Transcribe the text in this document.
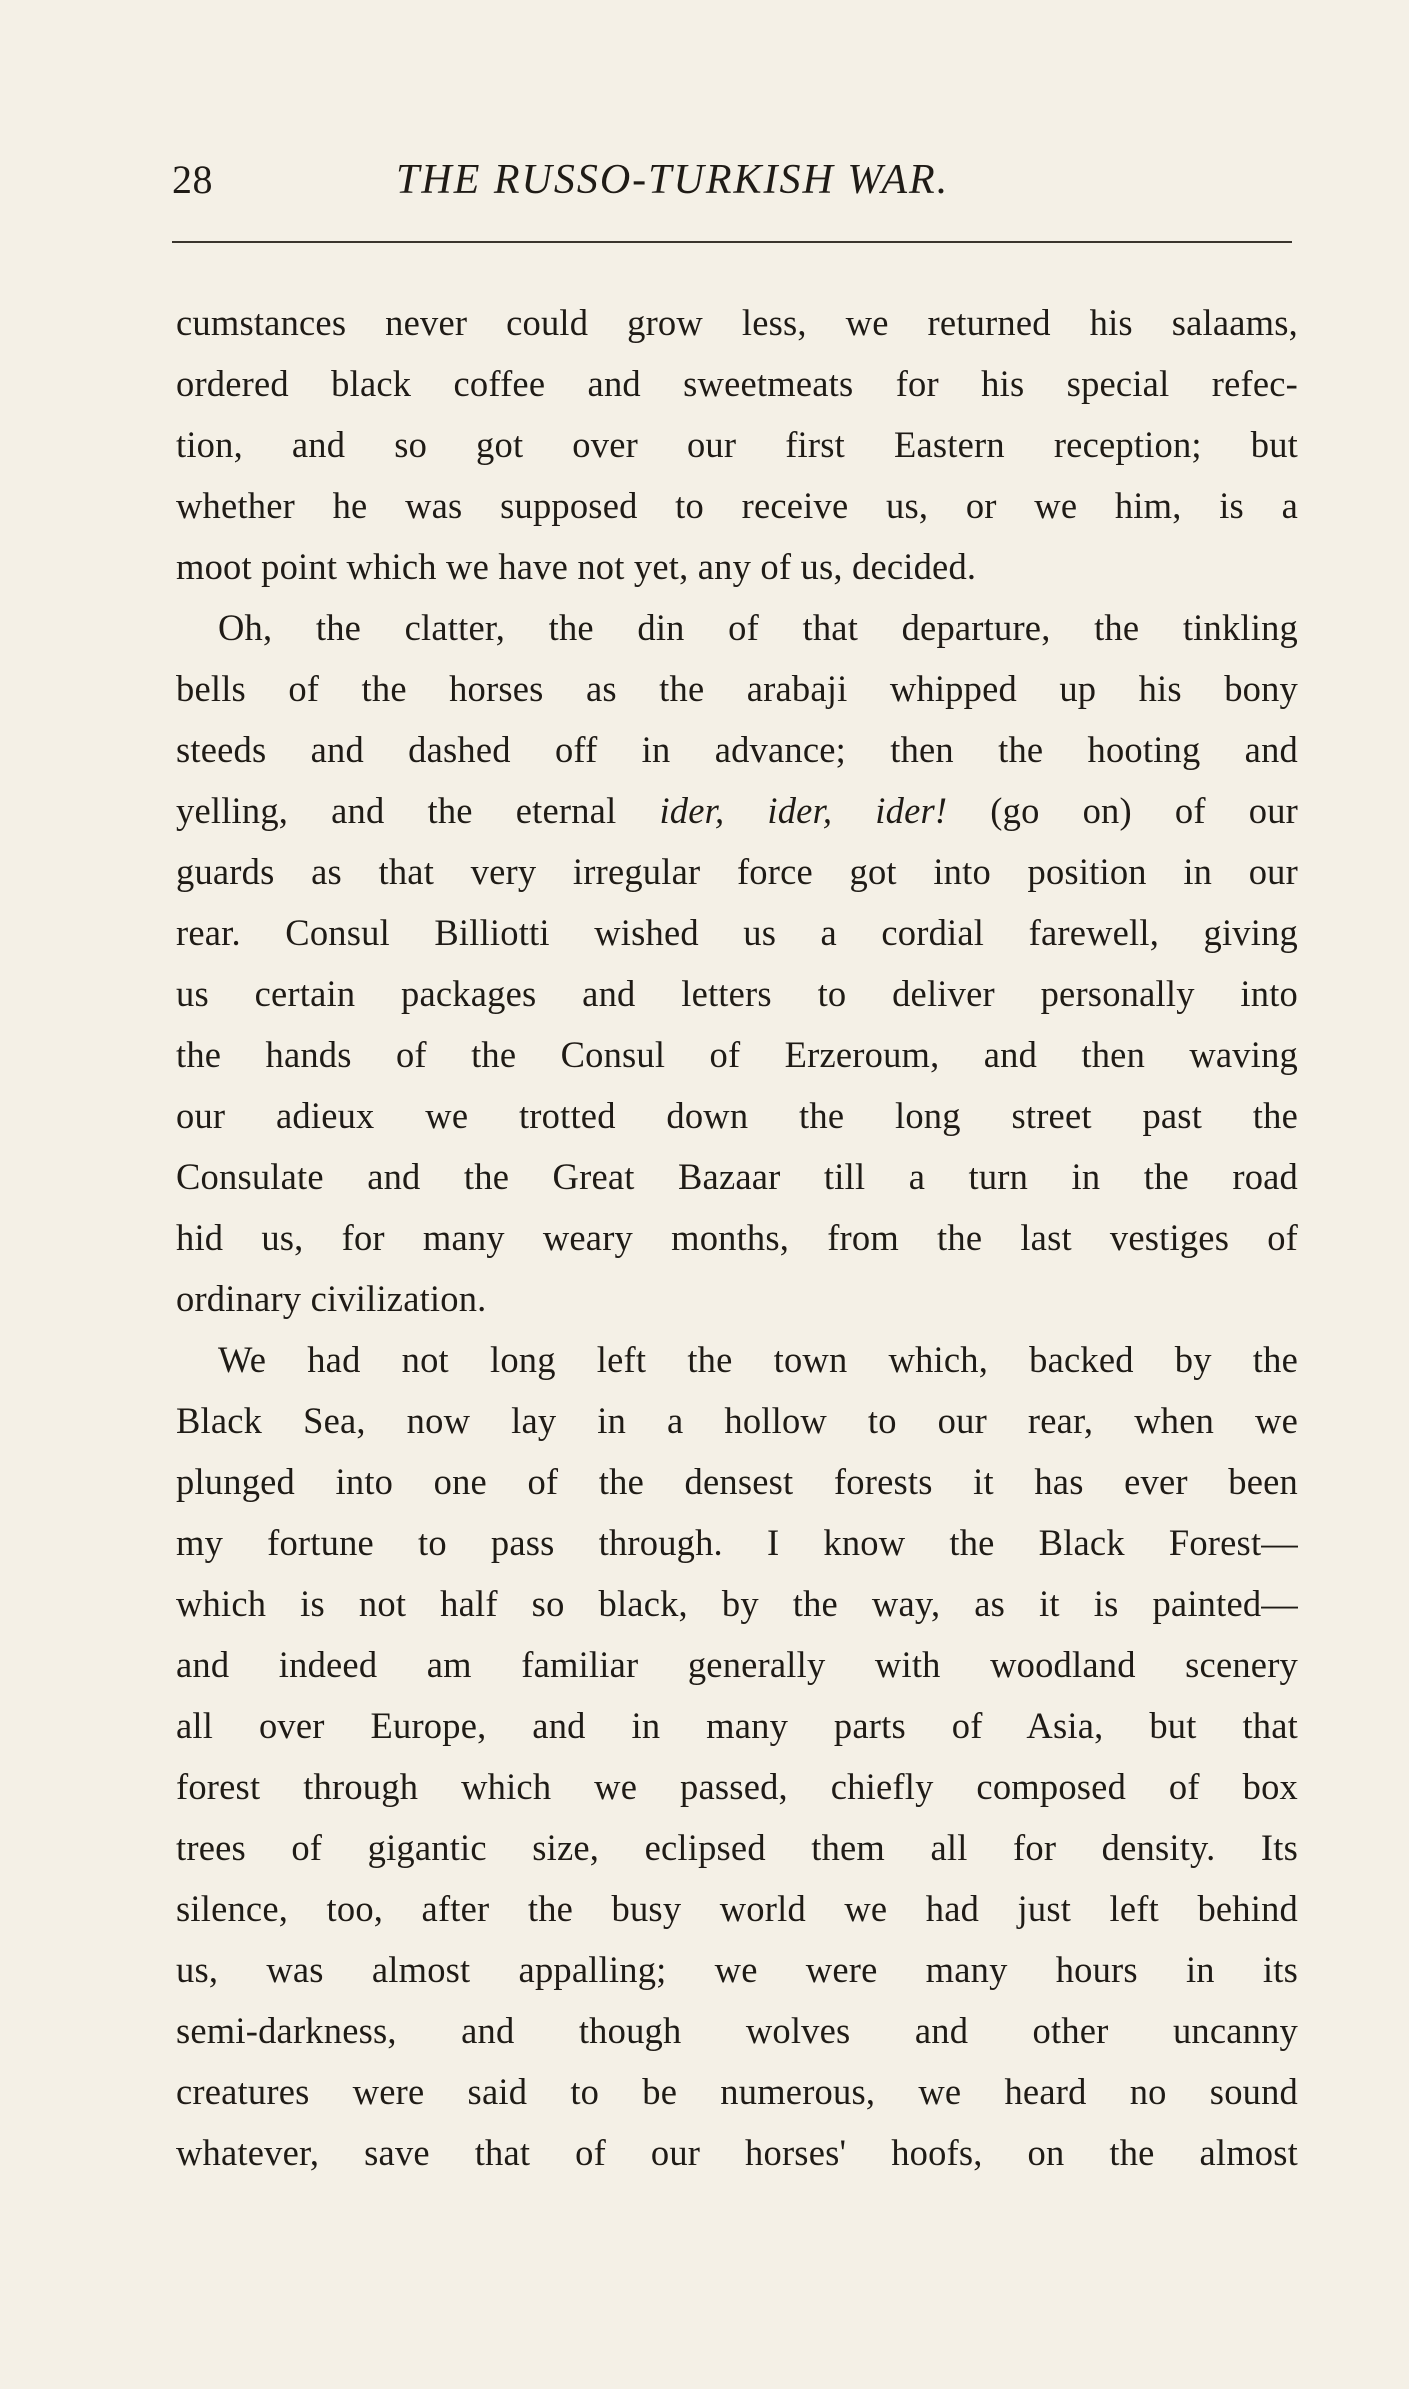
28	THE RUSSO-TURKISH WAR.
cumstances never could grow less, we returned his salaams,
ordered black coffee and sweetmeats for his special refec-
tion, and so got over our first Eastern reception; but
whether he was supposed to receive us, or we him, is a
moot point which we have not yet, any of us, decided.
Oh, the clatter, the din of that departure, the tinkling
bells of the horses as the arabaji whipped up his bony
steeds and dashed off in advance; then the hooting and
yelling, and the eternal ider, ider, ider! (go on) of our
guards as that very irregular force got into position in our
rear. Consul Billiotti wished us a cordial farewell, giving
us certain packages and letters to deliver personally into
the hands of the Consul of Erzeroum, and then waving
our adieux we trotted down the long street past the
Consulate and the Great Bazaar till a turn in the road
hid us, for many weary months, from the last vestiges of
ordinary civilization.
We had not long left the town which, backed by the
Black Sea, now lay in a hollow to our rear, when we
plunged into one of the densest forests it has ever been
my fortune to pass through. I know the Black Forest—
which is not half so black, by the way, as it is painted—
and indeed am familiar generally with woodland scenery
all over Europe, and in many parts of Asia, but that
forest through which we passed, chiefly composed of box
trees of gigantic size, eclipsed them all for density. Its
silence, too, after the busy world we had just left behind
us, was almost appalling; we were many hours in its
semi-darkness, and though wolves and other uncanny
creatures were said to be numerous, we heard no sound
whatever, save that of our horses' hoofs, on the almost
